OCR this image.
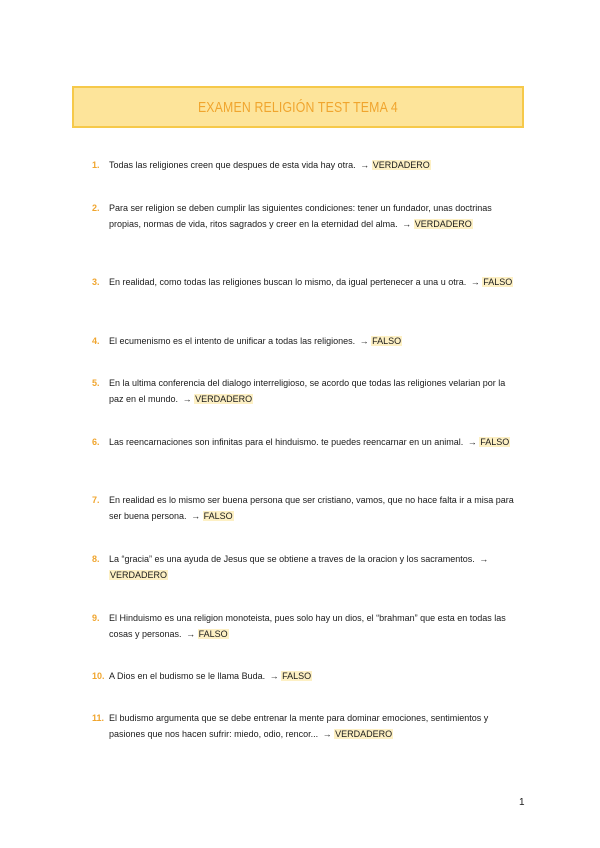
EXAMEN RELIGIÓN TEST TEMA 4
1.	Todas las religiones creen que despues de esta vida hay otra. → VERDADERO
2.	Para ser religion se deben cumplir las siguientes condiciones: tener un fundador, unas doctrinas propias, normas de vida, ritos sagrados y creer en la eternidad del alma. → VERDADERO
3.	En realidad, como todas las religiones buscan lo mismo, da igual pertenecer a una u otra. → FALSO
4.	El ecumenismo es el intento de unificar a todas las religiones. → FALSO
5.	En la ultima conferencia del dialogo interreligioso, se acordo que todas las religiones velarian por la paz en el mundo. → VERDADERO
6.	Las reencarnaciones son infinitas para el hinduismo. te puedes reencarnar en un animal. → FALSO
7.	En realidad es lo mismo ser buena persona que ser cristiano, vamos, que no hace falta ir a misa para ser buena persona. → FALSO
8.	La “gracia” es una ayuda de Jesus que se obtiene a traves de la oracion y los sacramentos. → VERDADERO
9.	El Hinduismo es una religion monoteista, pues solo hay un dios, el “brahman” que esta en todas las cosas y personas. → FALSO
10. A Dios en el budismo se le llama Buda. → FALSO
11. El budismo argumenta que se debe entrenar la mente para dominar emociones, sentimientos y pasiones que nos hacen sufrir: miedo, odio, rencor... → VERDADERO
1
